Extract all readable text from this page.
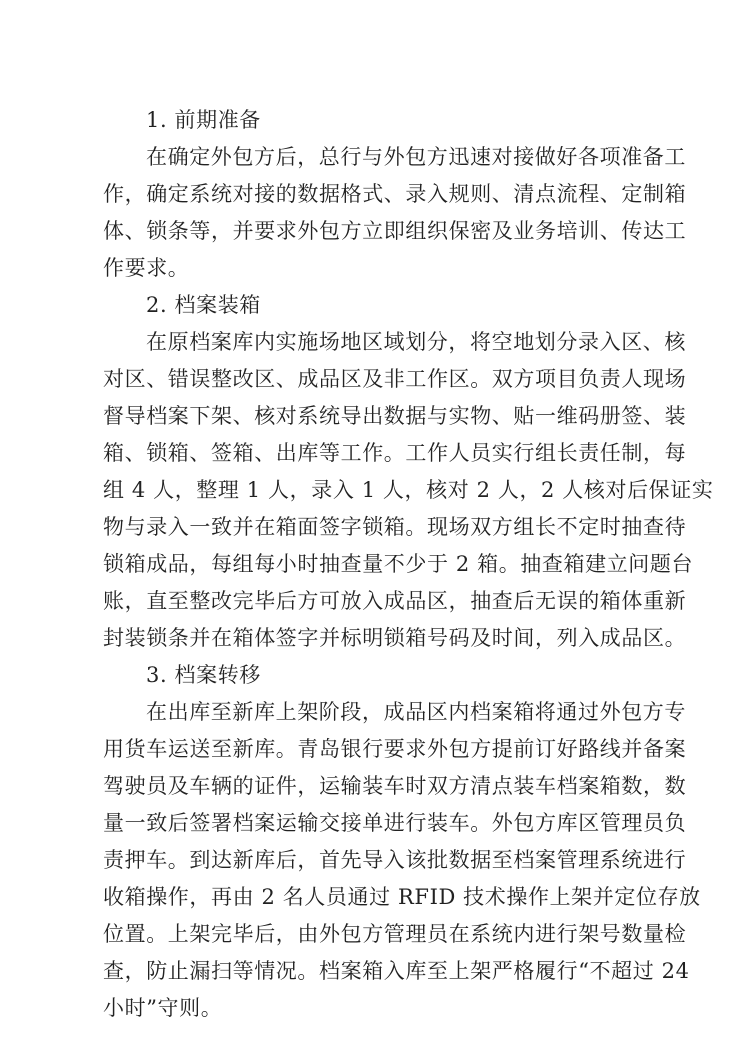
1. 前期准备
在确定外包方后，总行与外包方迅速对接做好各项准备工
作，确定系统对接的数据格式、录入规则、清点流程、定制箱
体、锁条等，并要求外包方立即组织保密及业务培训、传达工
作要求。
2. 档案装箱
在原档案库内实施场地区域划分，将空地划分录入区、核
对区、错误整改区、成品区及非工作区。双方项目负责人现场
督导档案下架、核对系统导出数据与实物、贴一维码册签、装
箱、锁箱、签箱、出库等工作。工作人员实行组长责任制，每
组 4 人，整理 1 人，录入 1 人，核对 2 人，2 人核对后保证实
物与录入一致并在箱面签字锁箱。现场双方组长不定时抽查待
锁箱成品，每组每小时抽查量不少于 2 箱。抽查箱建立问题台
账，直至整改完毕后方可放入成品区，抽查后无误的箱体重新
封装锁条并在箱体签字并标明锁箱号码及时间，列入成品区。
3. 档案转移
在出库至新库上架阶段，成品区内档案箱将通过外包方专
用货车运送至新库。青岛银行要求外包方提前订好路线并备案
驾驶员及车辆的证件，运输装车时双方清点装车档案箱数，数
量一致后签署档案运输交接单进行装车。外包方库区管理员负
责押车。到达新库后，首先导入该批数据至档案管理系统进行
收箱操作，再由 2 名人员通过 RFID 技术操作上架并定位存放
位置。上架完毕后，由外包方管理员在系统内进行架号数量检
查，防止漏扫等情况。档案箱入库至上架严格履行“不超过 24
小时”守则。
